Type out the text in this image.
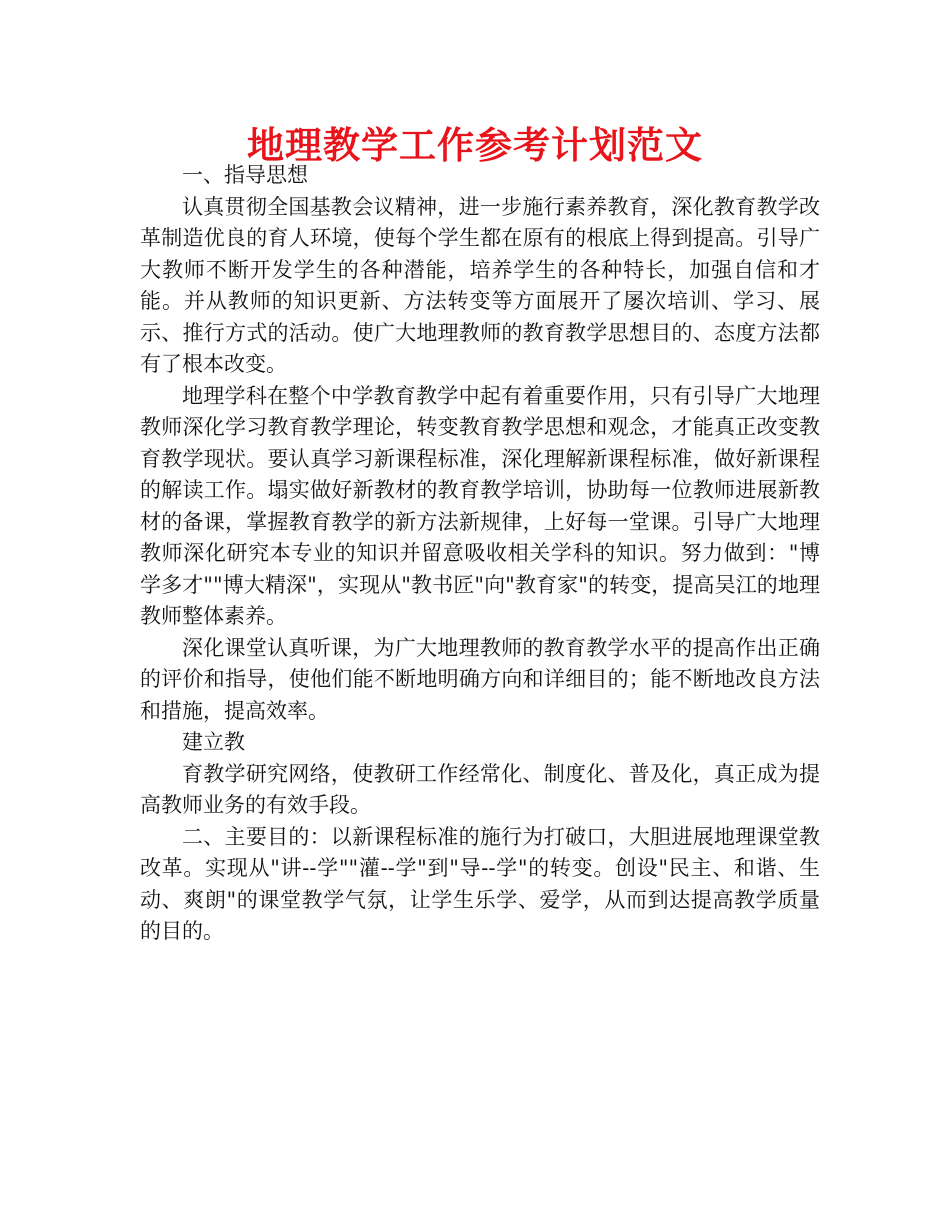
地理教学工作参考计划范文

一、指导思想

认真贯彻全国基教会议精神，进一步施行素养教育，深化教育教学改革制造优良的育人环境，使每个学生都在原有的根底上得到提高。引导广大教师不断开发学生的各种潜能，培养学生的各种特长，加强自信和才能。并从教师的知识更新、方法转变等方面展开了屡次培训、学习、展示、推行方式的活动。使广大地理教师的教育教学思想目的、态度方法都有了根本改变。

地理学科在整个中学教育教学中起有着重要作用，只有引导广大地理教师深化学习教育教学理论，转变教育教学思想和观念，才能真正改变教育教学现状。要认真学习新课程标准，深化理解新课程标准，做好新课程的解读工作。塌实做好新教材的教育教学培训，协助每一位教师进展新教材的备课，掌握教育教学的新方法新规律，上好每一堂课。引导广大地理教师深化研究本专业的知识并留意吸收相关学科的知识。努力做到："博学多才""博大精深"，实现从"教书匠"向"教育家"的转变，提高吴江的地理教师整体素养。

深化课堂认真听课，为广大地理教师的教育教学水平的提高作出正确的评价和指导，使他们能不断地明确方向和详细目的；能不断地改良方法和措施，提高效率。

建立教

育教学研究网络，使教研工作经常化、制度化、普及化，真正成为提高教师业务的有效手段。

二、主要目的：以新课程标准的施行为打破口，大胆进展地理课堂教改革。实现从"讲--学""灌--学"到"导--学"的转变。创设"民主、和谐、生动、爽朗"的课堂教学气氛，让学生乐学、爱学，从而到达提高教学质量的目的。
